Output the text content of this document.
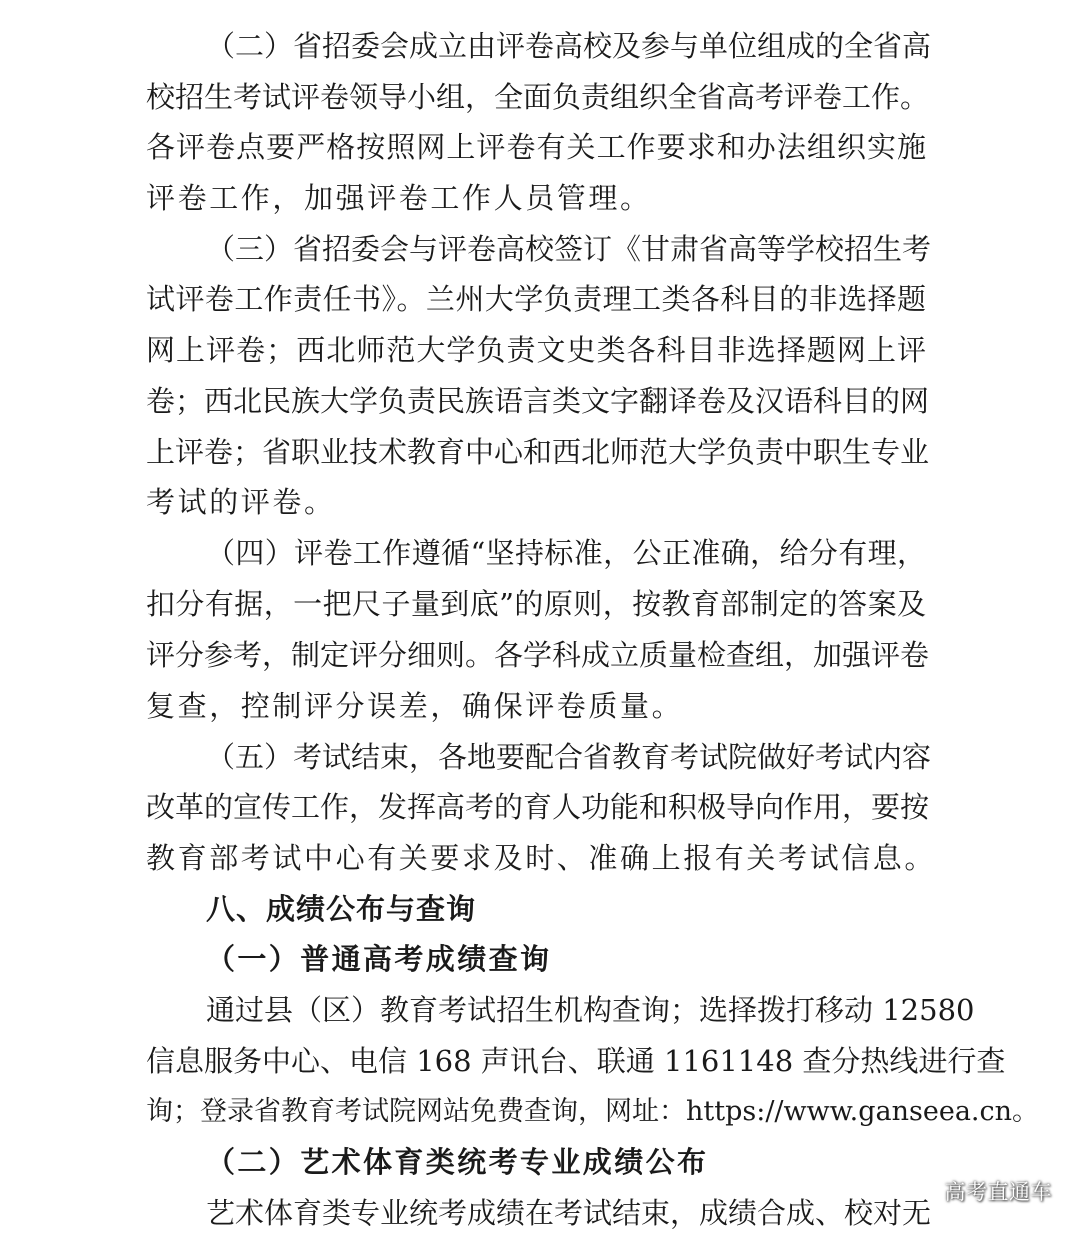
（二）省招委会成立由评卷高校及参与单位组成的全省高
校招生考试评卷领导小组，全面负责组织全省高考评卷工作。
各评卷点要严格按照网上评卷有关工作要求和办法组织实施
评卷工作，加强评卷工作人员管理。
（三）省招委会与评卷高校签订《甘肃省高等学校招生考
试评卷工作责任书》。兰州大学负责理工类各科目的非选择题
网上评卷；西北师范大学负责文史类各科目非选择题网上评
卷；西北民族大学负责民族语言类文字翻译卷及汉语科目的网
上评卷；省职业技术教育中心和西北师范大学负责中职生专业
考试的评卷。
（四）评卷工作遵循“坚持标准，公正准确，给分有理，
扣分有据，一把尺子量到底”的原则，按教育部制定的答案及
评分参考，制定评分细则。各学科成立质量检查组，加强评卷
复查，控制评分误差，确保评卷质量。
（五）考试结束，各地要配合省教育考试院做好考试内容
改革的宣传工作，发挥高考的育人功能和积极导向作用，要按
教育部考试中心有关要求及时、准确上报有关考试信息。
八、成绩公布与查询
（一）普通高考成绩查询
通过县（区）教育考试招生机构查询；选择拨打移动 12580
信息服务中心、电信 168 声讯台、联通 1161148 查分热线进行查
询；登录省教育考试院网站免费查询，网址：https://www.ganseea.cn。
（二）艺术体育类统考专业成绩公布
艺术体育类专业统考成绩在考试结束，成绩合成、校对无
高考直通车
